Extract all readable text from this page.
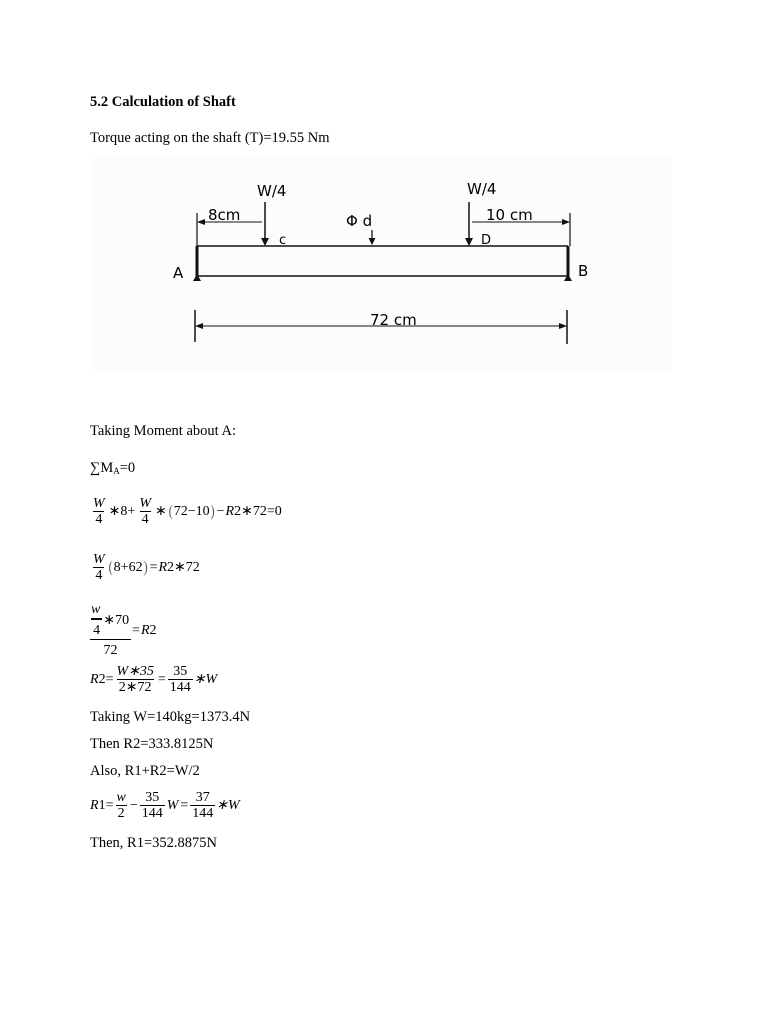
5.2 Calculation of Shaft
Torque acting on the shaft (T)=19.55 Nm
W/4	W/4
8cm	10 cm
Φ d
c	D
A	B
72 cm
Taking Moment about A:
$\sum M_A=0$
$\frac{W}{4}$ ∗8+ $\frac{W}{4}$ ∗ ( 72−10 ) − R 2∗72=0
$\frac{W}{4}$ ( 8+62 ) = R 2∗72
$\frac{\frac{w}{4} ∗70}{72} = R$ 2
R $2= \frac{W∗35}{2∗72} = \frac{35}{144}$ ∗W
Taking W=140kg=1373.4N
Then R2=333.8125N
Also, R1+R2=W/2
R $1= \frac{w}{2} - \frac{35}{144}$ $W = \frac{37}{144}$ ∗W
Then, R1=352.8875N
